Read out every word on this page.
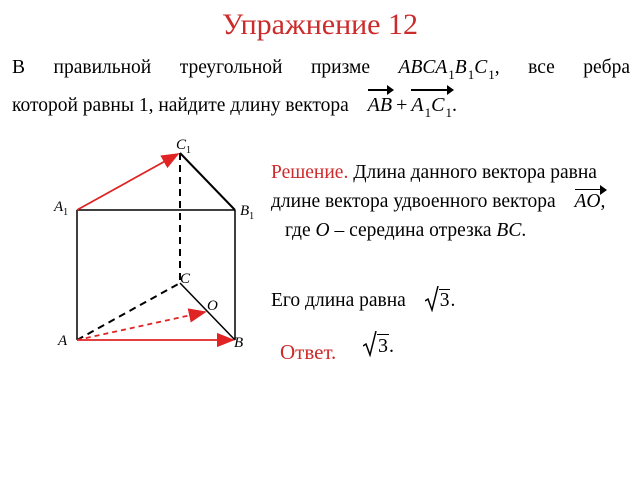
Упражнение 12
В правильной треугольной призме $ABCA_1B_1C_1$, все ребра
которой равны 1, найдите длину вектора AB + $A_1C_1$.
$C_1$
$A_1$	$B_1$
C
O
A	B
Решение. Длина данного вектора равна длине вектора удвоенного вектора AO, где O – середина отрезка BC.
Его длина равна 3.
Ответ.	3.
